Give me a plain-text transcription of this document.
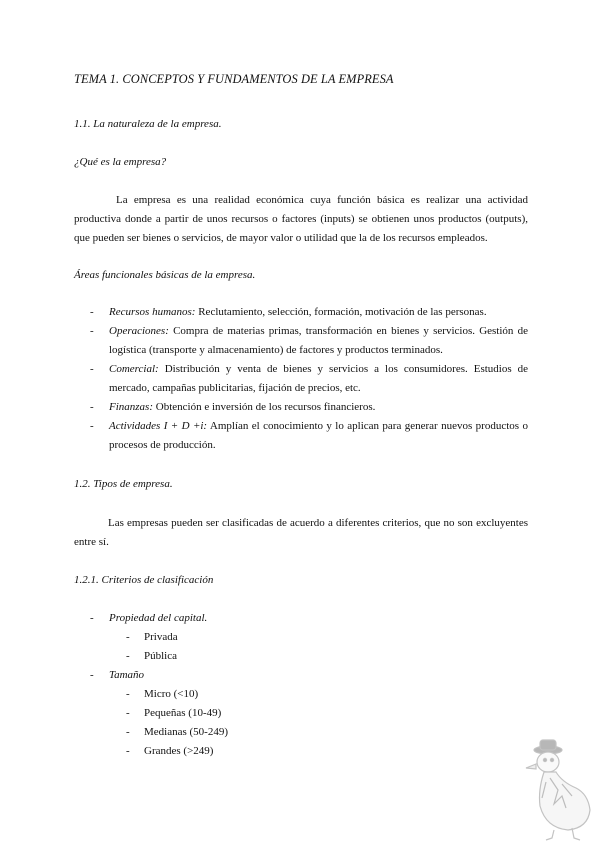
TEMA 1. CONCEPTOS Y FUNDAMENTOS DE LA EMPRESA
1.1. La naturaleza de la empresa.
¿Qué es la empresa?

La empresa es una realidad económica cuya función básica es realizar una actividad productiva donde a partir de unos recursos o factores (inputs) se obtienen unos productos (outputs), que pueden ser bienes o servicios, de mayor valor o utilidad que la de los recursos empleados.

Áreas funcionales básicas de la empresa.
- Recursos humanos: Reclutamiento, selección, formación, motivación de las personas.
- Operaciones: Compra de materias primas, transformación en bienes y servicios. Gestión de logística (transporte y almacenamiento) de factores y productos terminados.
- Comercial: Distribución y venta de bienes y servicios a los consumidores. Estudios de mercado, campañas publicitarias, fijación de precios, etc.
- Finanzas: Obtención e inversión de los recursos financieros.
- Actividades I + D +i: Amplían el conocimiento y lo aplican para generar nuevos productos o procesos de producción.
1.2. Tipos de empresa.

Las empresas pueden ser clasificadas de acuerdo a diferentes criterios, que no son excluyentes entre sí.

1.2.1. Criterios de clasificación
- Propiedad del capital.
- Privada
- Pública
- Tamaño
- Micro (<10)
- Pequeñas (10-49)
- Medianas (50-249)
- Grandes (>249)
